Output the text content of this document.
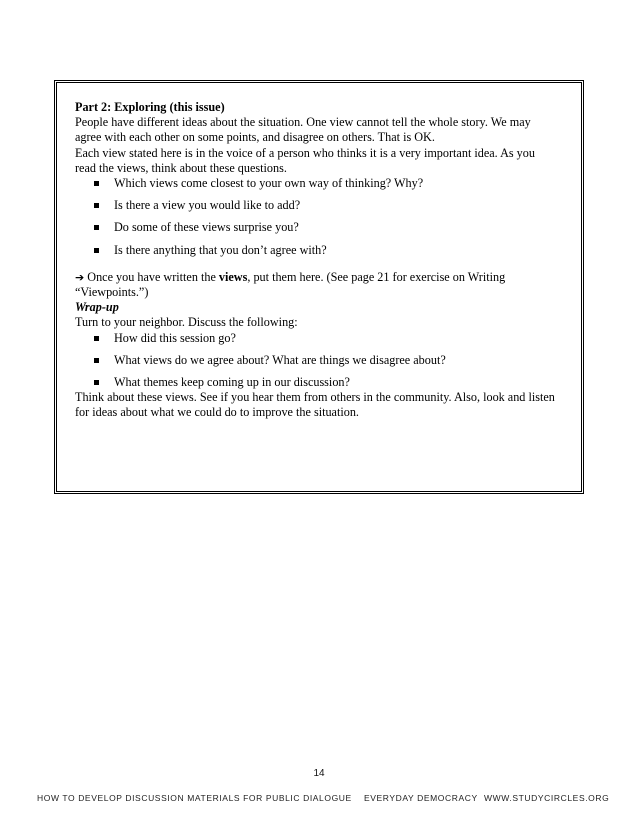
Part 2: Exploring (this issue)

People have different ideas about the situation. One view cannot tell the whole story. We may agree with each other on some points, and disagree on others. That is OK.

Each view stated here is in the voice of a person who thinks it is a very important idea. As you read the views, think about these questions.

Which views come closest to your own way of thinking? Why?
Is there a view you would like to add?
Do some of these views surprise you?
Is there anything that you don’t agree with?

➔ Once you have written the views, put them here. (See page 21 for exercise on Writing “Viewpoints.”)

Wrap-up

Turn to your neighbor. Discuss the following:

How did this session go?
What views do we agree about? What are things we disagree about?
What themes keep coming up in our discussion?

Think about these views. See if you hear them from others in the community. Also, look and listen for ideas about what we could do to improve the situation.

14
HOW TO DEVELOP DISCUSSION MATERIALS FOR PUBLIC DIALOGUE EVERYDAY DEMOCRACY WWW.STUDYCIRCLES.ORG
